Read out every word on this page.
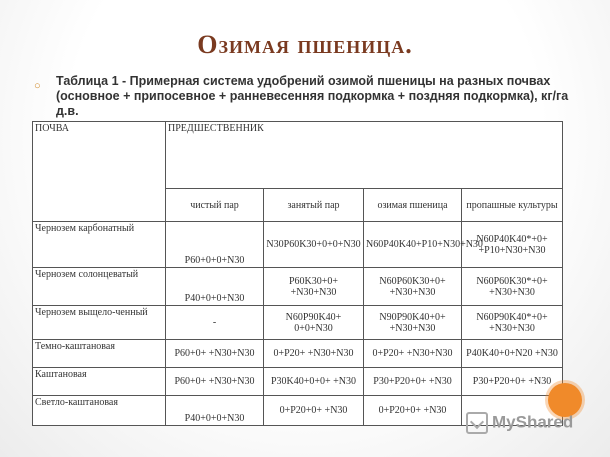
Озимая пшеница.
○	Таблица 1 - Примерная система удобрений озимой пшеницы на разных почвах (основное + припосевное + ранневесенняя подкормка + поздняя подкормка), кг/га д.в.
ПОЧВА	ПРЕДШЕСТВЕННИК			
	чистый пар	занятый пар	озимая пшеница	пропашные культуры
Чернозем карбонатный	P60+0+0+N30	N30P60K30+0+0+N30	N60P40K40+P10+N30+N30	N60P40K40*+0+ +P10+N30+N30
Чернозем солонцеватый	P40+0+0+N30	P60K30+0+ +N30+N30	N60P60K30+0+ +N30+N30	N60P60K30*+0+ +N30+N30
Чернозем выщело-ченный	-	N60P90K40+ 0+0+N30	N90P90K40+0+ +N30+N30	N60P90K40*+0+ +N30+N30
Темно-каштановая	P60+0+ +N30+N30	0+P20+ +N30+N30	0+P20+ +N30+N30	P40K40+0+N20 +N30
Каштановая	P60+0+ +N30+N30	P30K40+0+0+ +N30	P30+P20+0+ +N30	P30+P20+0+ +N30
Светло-каштановая	P40+0+0+N30	0+P20+0+ +N30	0+P20+0+ +N30	
MyShared
